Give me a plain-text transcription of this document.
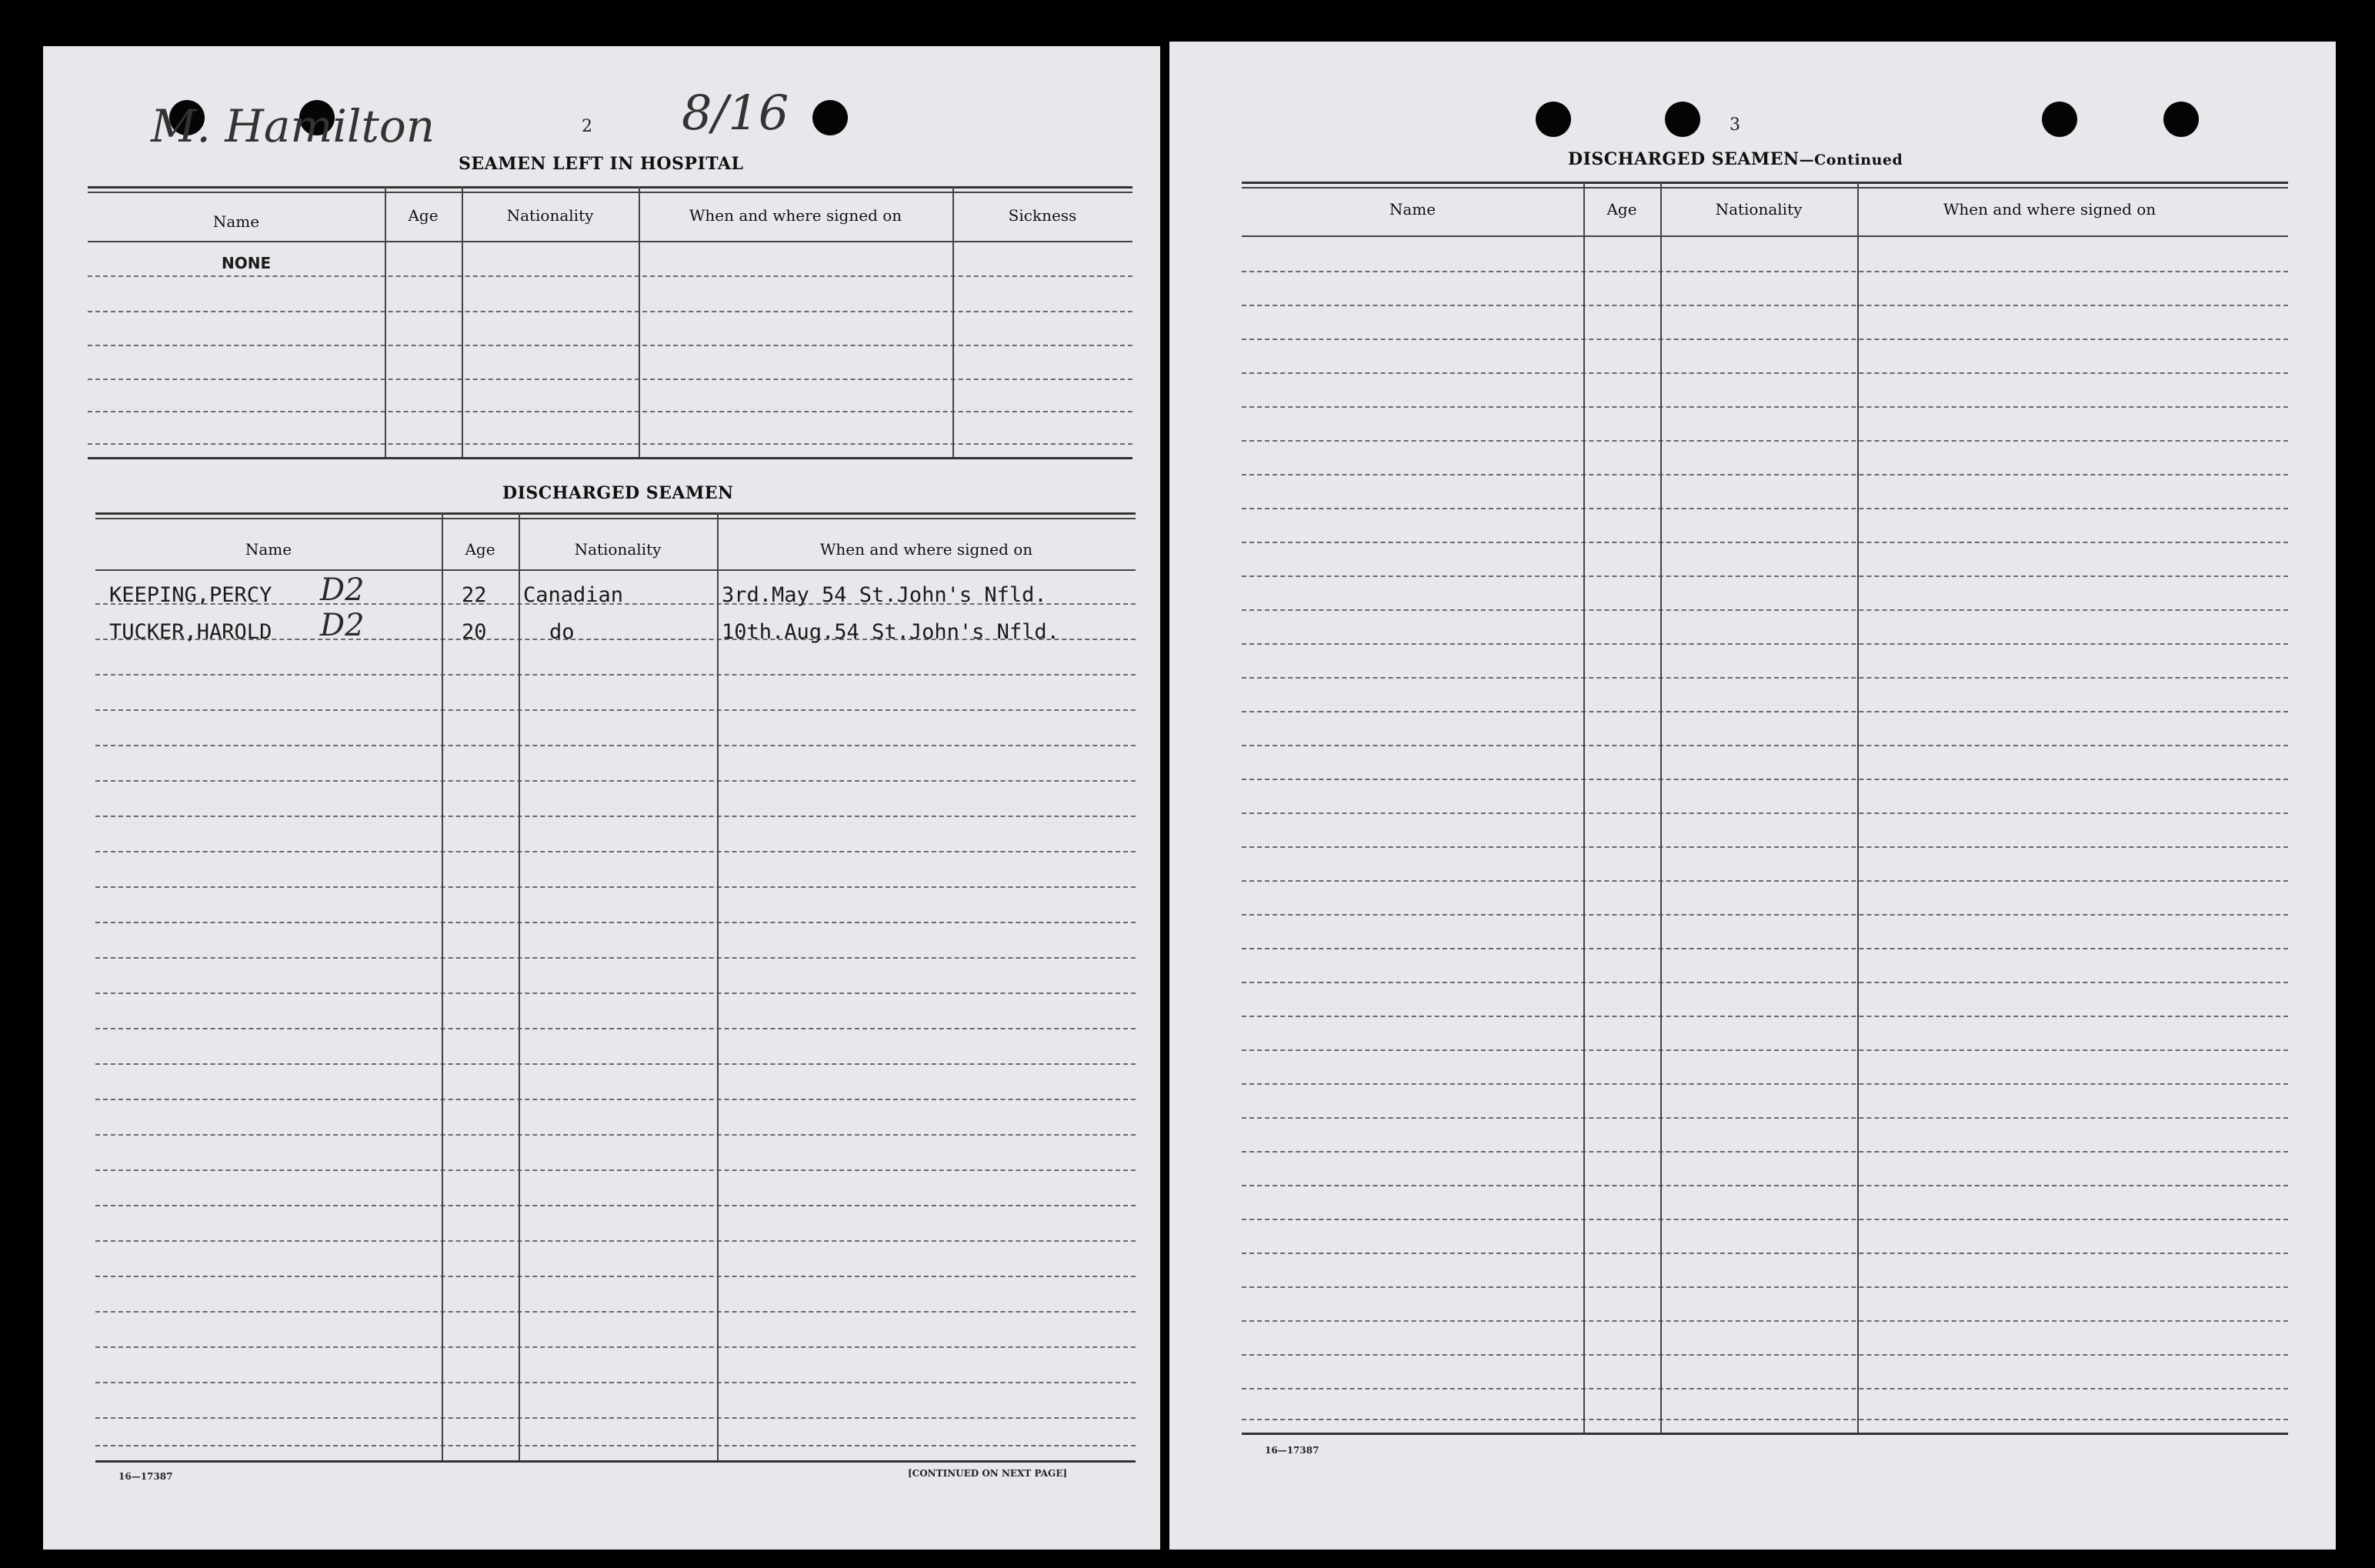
M. Hamilton	8/16
2
SEAMEN LEFT IN HOSPITAL
Name	Age	Nationality	When and where signed on	Sickness
NONE
DISCHARGED SEAMEN
Name	Age	Nationality	When and where signed on
KEEPING,PERCY D2	22 Canadian	3rd.May 54 St.John's Nfld.
TUCKER,HAROLD D2	20	do	10th.Aug.54 St.John's Nfld.
16—17387	[CONTINUED ON NEXT PAGE]
3
DISCHARGED SEAMEN—Continued
Name	Age	Nationality	When and where signed on
16—17387
